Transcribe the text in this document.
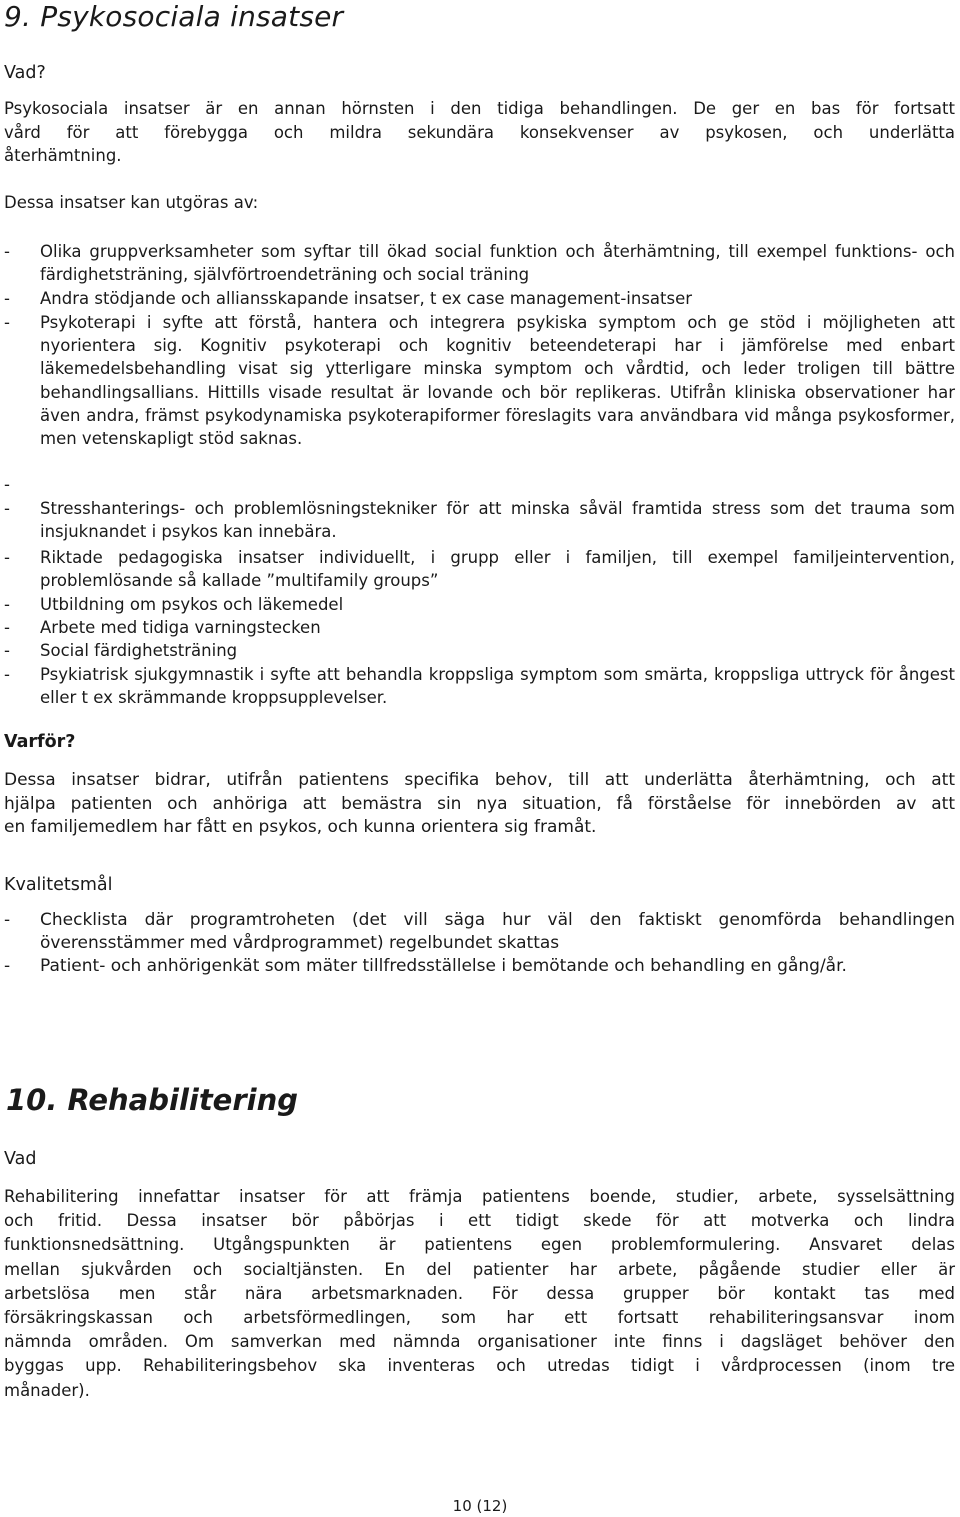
9. Psykosociala insatser
Vad?
Psykosociala insatser är en annan hörnsten i den tidiga behandlingen. De ger en bas för fortsatt
vård för att förebygga och mildra sekundära konsekvenser av psykosen, och underlätta
återhämtning.
Dessa insatser kan utgöras av:
-	Olika gruppverksamheter som syftar till ökad social funktion och återhämtning, till exempel funktions- och färdighetsträning, självförtroendeträning och social träning
-	Andra stödjande och alliansskapande insatser, t ex case management-insatser
-	Psykoterapi i syfte att förstå, hantera och integrera psykiska symptom och ge stöd i möjligheten att nyorientera sig. Kognitiv psykoterapi och kognitiv beteendeterapi har i jämförelse med enbart läkemedelsbehandling visat sig ytterligare minska symptom och vårdtid, och leder troligen till bättre behandlingsallians. Hittills visade resultat är lovande och bör replikeras. Utifrån kliniska observationer har även andra, främst psykodynamiska psykoterapiformer föreslagits vara användbara vid många psykosformer, men vetenskapligt stöd saknas.
-
-	Stresshanterings- och problemlösningstekniker för att minska såväl framtida stress som det trauma som insjuknandet i psykos kan innebära.
-	Riktade pedagogiska insatser individuellt, i grupp eller i familjen, till exempel familjeintervention, problemlösande så kallade ”multifamily groups”
-	Utbildning om psykos och läkemedel
-	Arbete med tidiga varningstecken
-	Social färdighetsträning
-	Psykiatrisk sjukgymnastik i syfte att behandla kroppsliga symptom som smärta, kroppsliga uttryck för ångest eller t ex skrämmande kroppsupplevelser.
Varför?
Dessa insatser bidrar, utifrån patientens specifika behov, till att underlätta återhämtning, och att
hjälpa patienten och anhöriga att bemästra sin nya situation, få förståelse för innebörden av att
en familjemedlem har fått en psykos, och kunna orientera sig framåt.
Kvalitetsmål
-	Checklista där programtroheten (det vill säga hur väl den faktiskt genomförda behandlingen överensstämmer med vårdprogrammet) regelbundet skattas
-	Patient- och anhörigenkät som mäter tillfredsställelse i bemötande och behandling en gång/år.
10. Rehabilitering
Vad
Rehabilitering innefattar insatser för att främja patientens boende, studier, arbete, sysselsättning
och fritid. Dessa insatser bör påbörjas i ett tidigt skede för att motverka och lindra
funktionsnedsättning. Utgångspunkten är patientens egen problemformulering. Ansvaret delas
mellan sjukvården och socialtjänsten. En del patienter har arbete, pågående studier eller är
arbetslösa men står nära arbetsmarknaden. För dessa grupper bör kontakt tas med
försäkringskassan och arbetsförmedlingen, som har ett fortsatt rehabiliteringsansvar inom
nämnda områden. Om samverkan med nämnda organisationer inte finns i dagsläget behöver den
byggas upp. Rehabiliteringsbehov ska inventeras och utredas tidigt i vårdprocessen (inom tre
månader).
10 (12)
